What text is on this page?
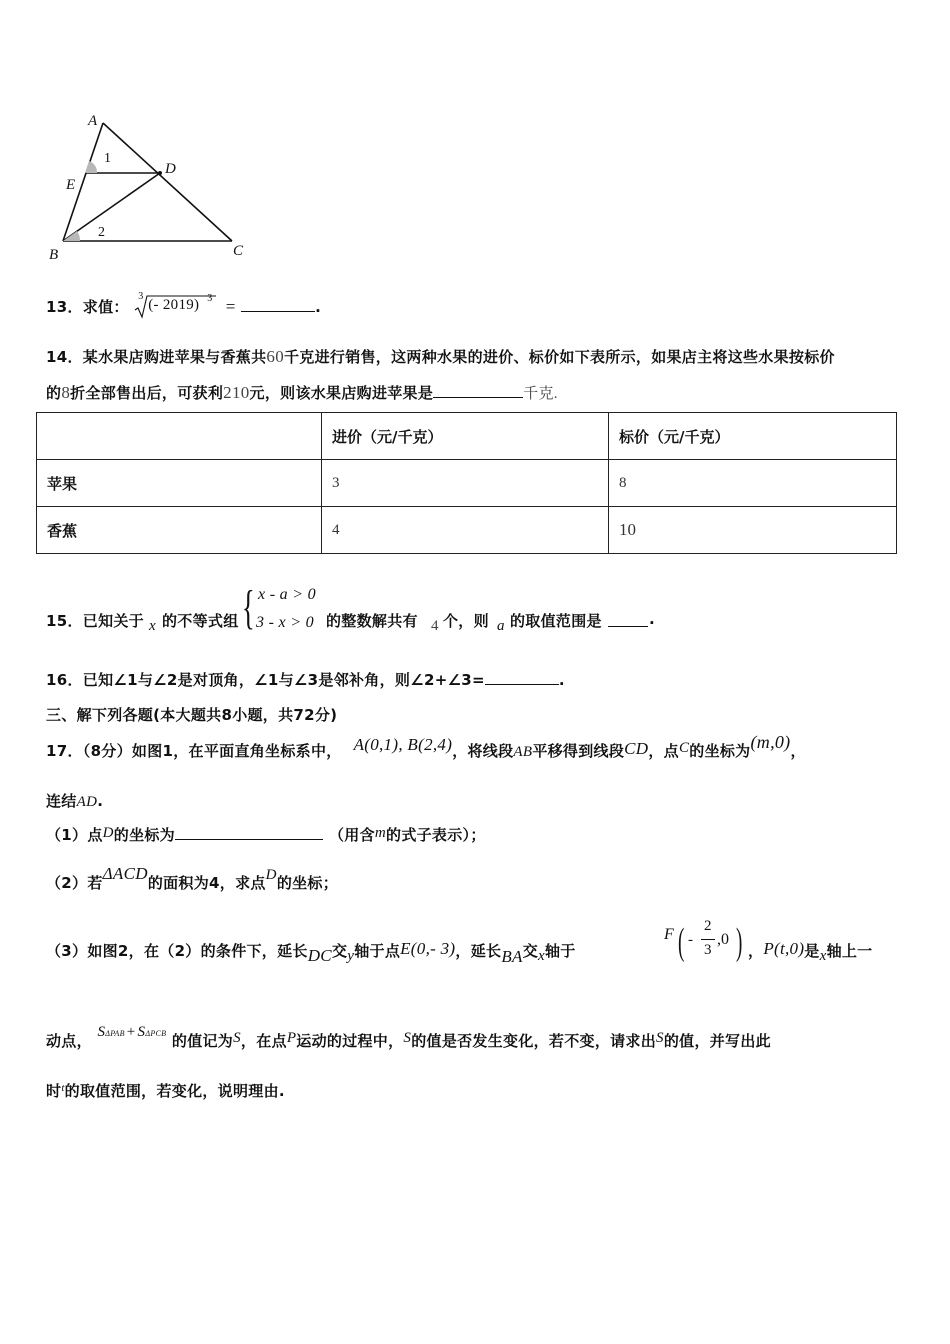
A
D
E
B	C
1
2
13．求值：
3
(- 2019) 3 =	.
14．某水果店购进苹果与香蕉共60千克进行销售，这两种水果的进价、标价如下表所示，如果店主将这些水果按标价
的8折全部售出后，可获利210元，则该水果店购进苹果是	千克.
	进价（元/千克）	标价（元/千克）
苹果	3	8
香蕉	4	10
15．已知关于 x 的不等式组 { x - a > 0
3 - x > 0 的整数解共有 4 个，则 a 的取值范围是	.
16．已知∠1与∠2是对顶角，∠1与∠3是邻补角，则∠2+∠3=	.
三、解下列各题(本大题共8小题，共72分)
17．（8分）如图1，在平面直角坐标系中， A(0,1), B(2,4)，将线段AB平移得到线段CD，点C的坐标为(m,0)，
连结AD.
（1）点D的坐标为	（用含m的式子表示）；
（2）若ΔACD的面积为4，求点D的坐标；
（3）如图2，在（2）的条件下，延长DC交y轴于点E(0,- 3)，延长BA交x轴于
F ( -
2
3
,0 ) ，P(t,0)是x轴上一
动点， SΔPAB + SΔPCB 的值记为S，在点P运动的过程中，S的值是否发生变化，若不变，请求出S的值，并写出此
时$^t$的取值范围，若变化，说明理由.
